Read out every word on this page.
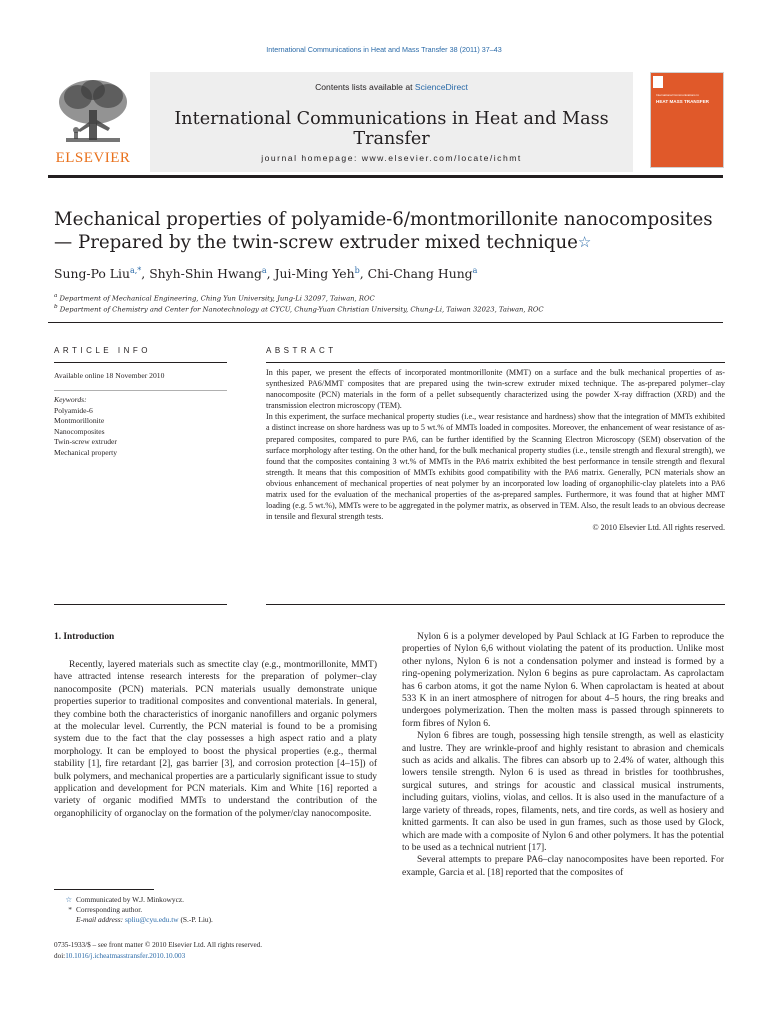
International Communications in Heat and Mass Transfer 38 (2011) 37–43
Contents lists available at ScienceDirect
International Communications in Heat and Mass Transfer
journal homepage: www.elsevier.com/locate/ichmt
ELSEVIER
International Communications in
HEAT MASS TRANSFER
Mechanical properties of polyamide-6/montmorillonite nanocomposites — Prepared by the twin-screw extruder mixed technique☆
Sung-Po Liu$^{a,*}$, Shyh-Shin Hwang$^a$, Jui-Ming Yeh$^b$, Chi-Chang Hung$^a$
$^a$ Department of Mechanical Engineering, Ching Yun University, Jung-Li 32097, Taiwan, ROC
$^b$ Department of Chemistry and Center for Nanotechnology at CYCU, Chung-Yuan Christian University, Chung-Li, Taiwan 32023, Taiwan, ROC
ARTICLE INFO	ABSTRACT
Available online 18 November 2010
Keywords:
Polyamide-6
Montmorillonite
Nanocomposites
Twin-screw extruder
Mechanical property

In this paper, we present the effects of incorporated montmorillonite (MMT) on a surface and the bulk mechanical properties of as-synthesized PA6/MMT composites that are prepared using the twin-screw extruder mixed technique. The as-prepared polymer–clay nanocomposite (PCN) materials in the form of a pellet subsequently characterized using the powder X-ray diffraction (XRD) and the transmission electron microscopy (TEM).

In this experiment, the surface mechanical property studies (i.e., wear resistance and hardness) show that the integration of MMTs exhibited a distinct increase on shore hardness was up to 5 wt.% of MMTs loaded in composites. Moreover, the enhancement of wear resistance of as-prepared composites, compared to pure PA6, can be further identified by the Scanning Electron Microscopy (SEM) observation of the surface morphology after testing. On the other hand, for the bulk mechanical property studies (i.e., tensile strength and flexural strength), we found that the composites containing 3 wt.% of MMTs in the PA6 matrix exhibited the best performance in tensile strength and flexural strength. It means that this composition of MMTs exhibits good compatibility with the PA6 matrix. Generally, PCN materials show an obvious enhancement of mechanical properties of neat polymer by an incorporated low loading of organophilic-clay platelets into a PA6 matrix used for the evaluation of the mechanical properties of the as-prepared samples. Furthermore, it was found that at higher MMT loading (e.g. 5 wt.%), MMTs were to be aggregated in the polymer matrix, as observed in TEM. Also, the result leads to an obvious decrease in tensile and flexural strength tests.

© 2010 Elsevier Ltd. All rights reserved.

1. Introduction

Recently, layered materials such as smectite clay (e.g., montmorillonite, MMT) have attracted intense research interests for the preparation of polymer–clay nanocomposite (PCN) materials. PCN materials usually demonstrate unique properties superior to traditional composites and conventional materials. In general, they combine both the characteristics of inorganic nanofillers and organic polymers at the molecular level. Currently, the PCN material is found to be a promising system due to the fact that the clay possesses a high aspect ratio and a platy morphology. It can be employed to boost the physical properties (e.g., thermal stability [1], fire retardant [2], gas barrier [3], and corrosion protection [4–15]) of bulk polymers, and mechanical properties are a particularly significant issue to study application and development for PCN materials. Kim and White [16] reported a variety of organic modified MMTs to understand the contribution of the organophilicity of organoclay on the formation of the polymer/clay nanocomposite.

Nylon 6 is a polymer developed by Paul Schlack at IG Farben to reproduce the properties of Nylon 6,6 without violating the patent of its production. Unlike most other nylons, Nylon 6 is not a condensation polymer and instead is formed by a ring-opening polymerization. Nylon 6 begins as pure caprolactam. As caprolactam has 6 carbon atoms, it got the name Nylon 6. When caprolactam is heated at about 533 K in an inert atmosphere of nitrogen for about 4–5 hours, the ring breaks and undergoes polymerization. Then the molten mass is passed through spinnerets to form fibres of Nylon 6.

Nylon 6 fibres are tough, possessing high tensile strength, as well as elasticity and lustre. They are wrinkle-proof and highly resistant to abrasion and chemicals such as acids and alkalis. The fibres can absorb up to 2.4% of water, although this lowers tensile strength. Nylon 6 is used as thread in bristles for toothbrushes, surgical sutures, and strings for acoustic and classical musical instruments, including guitars, violins, violas, and cellos. It is also used in the manufacture of a large variety of threads, ropes, filaments, nets, and tire cords, as well as hosiery and knitted garments. It can also be used in gun frames, such as those used by Glock, which are made with a composite of Nylon 6 and other polymers. It has the potential to be used as a technical nutrient [17].

Several attempts to prepare PA6–clay nanocomposites have been reported. For example, Garcia et al. [18] reported that the composites of

☆ Communicated by W.J. Minkowycz.
* Corresponding author.
E-mail address: spliu@cyu.edu.tw (S.-P. Liu).
0735-1933/$ – see front matter © 2010 Elsevier Ltd. All rights reserved.
doi:10.1016/j.icheatmasstransfer.2010.10.003
